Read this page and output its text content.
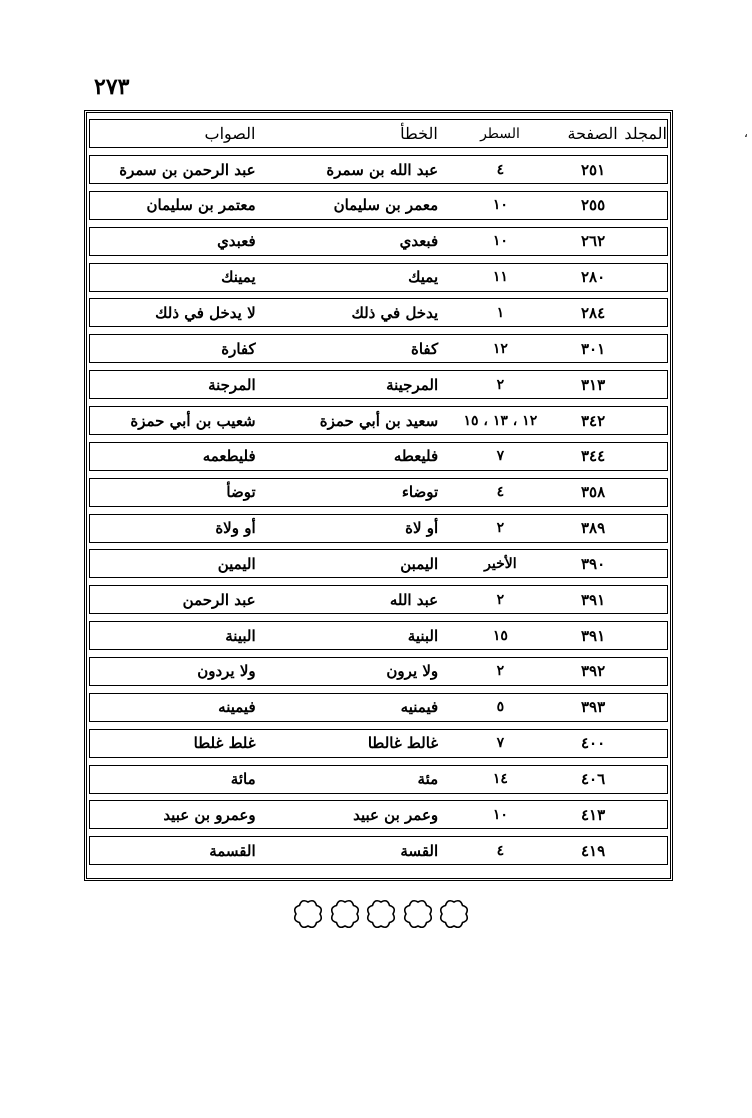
٢٧٣
،
المجلد
الصفحة
السطر
الخطأ
الصواب
٢٥١
٤
عبد الله بن سمرة
عبد الرحمن بن سمرة
٢٥٥
١٠
معمر بن سليمان
معتمر بن سليمان
٢٦٢
١٠
فبعدي
فعبدي
٢٨٠
١١
يميك
يمينك
٢٨٤
١
يدخل في ذلك
لا يدخل في ذلك
٣٠١
١٢
كفاة
كفارة
٣١٣
٢
المرجينة
المرجنة
٣٤٢
١٢ ، ١٣ ، ١٥
سعيد بن أبي حمزة
شعيب بن أبي حمزة
٣٤٤
٧
فليعطه
فليطعمه
٣٥٨
٤
توضاء
توضأ
٣٨٩
٢
أو لاة
أو ولاة
٣٩٠
الأخير
اليمبن
اليمين
٣٩١
٢
عبد الله
عبد الرحمن
٣٩١
١٥
البنية
البينة
٣٩٢
٢
ولا يرون
ولا يردون
٣٩٣
٥
فيمنيه
فيمينه
٤٠٠
٧
غالط غالطا
غلط غلطا
٤٠٦
١٤
مئة
مائة
٤١٣
١٠
وعمر بن عبيد
وعمرو بن عبيد
٤١٩
٤
القسة
القسمة
